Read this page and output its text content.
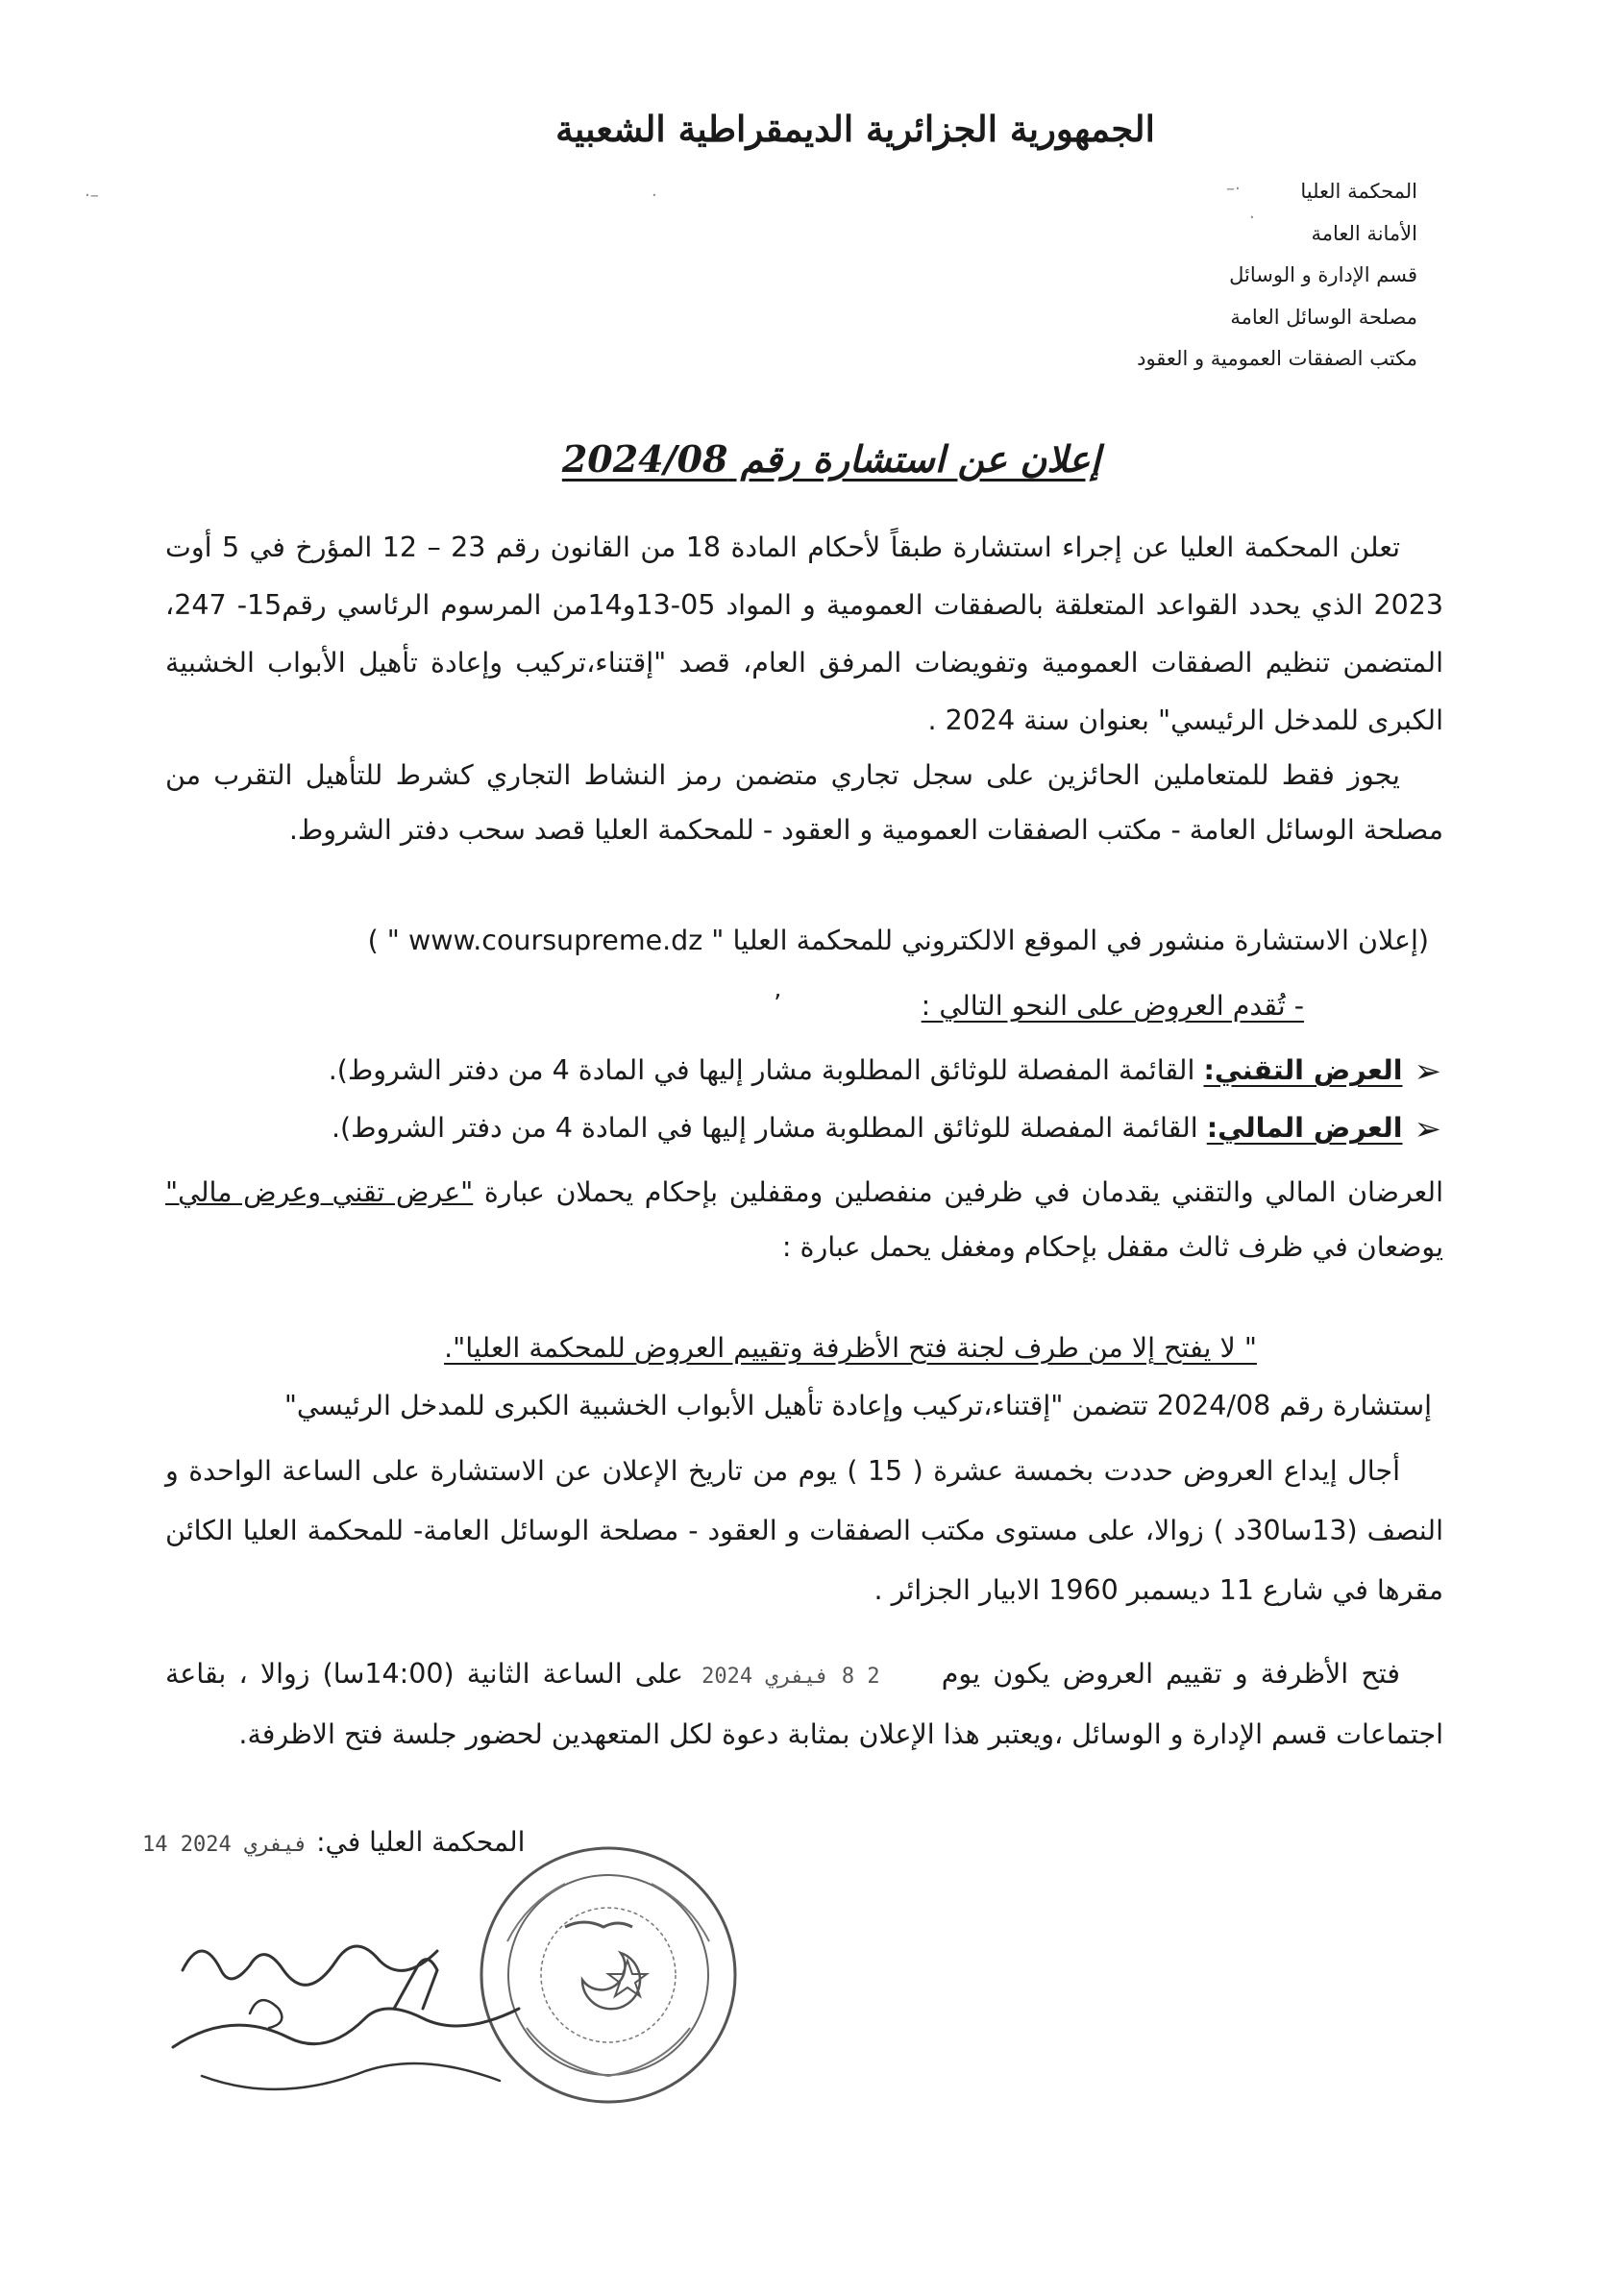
الجمهورية الجزائرية الديمقراطية الشعبية
المحكمة العليا
الأمانة العامة
قسم الإدارة و الوسائل
مصلحة الوسائل العامة
مكتب الصفقات العمومية و العقود
إعلان عن استشارة رقم 2024/08
تعلن المحكمة العليا عن إجراء استشارة طبقاً لأحكام المادة 18 من القانون رقم 23 – 12 المؤرخ في 5 أوت 2023 الذي يحدد القواعد المتعلقة بالصفقات العمومية و المواد 05-13و14من المرسوم الرئاسي رقم15- 247، المتضمن تنظيم الصفقات العمومية وتفويضات المرفق العام، قصد "إقتناء،تركيب وإعادة تأهيل الأبواب الخشبية الكبرى للمدخل الرئيسي" بعنوان سنة 2024 .
يجوز فقط للمتعاملين الحائزين على سجل تجاري متضمن رمز النشاط التجاري كشرط للتأهيل التقرب من مصلحة الوسائل العامة - مكتب الصفقات العمومية و العقود - للمحكمة العليا قصد سحب دفتر الشروط.
(إعلان الاستشارة منشور في الموقع الالكتروني للمحكمة العليا " www.coursupreme.dz " )
- تُقدم العروض على النحو التالي :
➢العرض التقني: القائمة المفصلة للوثائق المطلوبة مشار إليها في المادة 4 من دفتر الشروط).
➢العرض المالي: القائمة المفصلة للوثائق المطلوبة مشار إليها في المادة 4 من دفتر الشروط).
العرضان المالي والتقني يقدمان في ظرفين منفصلين ومقفلين بإحكام يحملان عبارة "عرض تقني وعرض مالي" يوضعان في ظرف ثالث مقفل بإحكام ومغفل يحمل عبارة :
" لا يفتح إلا من طرف لجنة فتح الأظرفة وتقييم العروض للمحكمة العليا".
إستشارة رقم 2024/08 تتضمن "إقتناء،تركيب وإعادة تأهيل الأبواب الخشبية الكبرى للمدخل الرئيسي"
أجال إيداع العروض حددت بخمسة عشرة ( 15 ) يوم من تاريخ الإعلان عن الاستشارة على الساعة الواحدة و النصف (13سا30د ) زوالا، على مستوى مكتب الصفقات و العقود - مصلحة الوسائل العامة- للمحكمة العليا الكائن مقرها في شارع 11 ديسمبر 1960 الابيار الجزائر .
فتح الأظرفة و تقييم العروض يكون يوم 2 8 فيفري 2024 على الساعة الثانية (14:00سا) زوالا ، بقاعة اجتماعات قسم الإدارة و الوسائل ،ويعتبر هذا الإعلان بمثابة دعوة لكل المتعهدين لحضور جلسة فتح الاظرفة.
المحكمة العليا في: 14 فيفري 2024
·–	·	–·
·
ʼ
